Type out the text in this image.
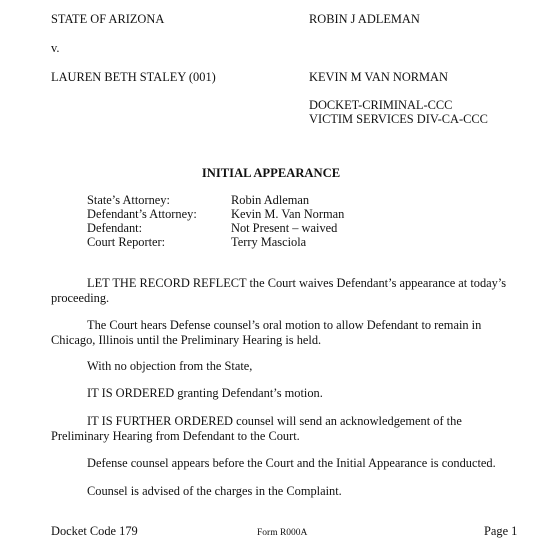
STATE OF ARIZONA
v.
LAUREN BETH STALEY (001)
ROBIN J ADLEMAN
KEVIN M VAN NORMAN
DOCKET-CRIMINAL-CCC
VICTIM SERVICES DIV-CA-CCC
INITIAL APPEARANCE
State’s Attorney:	Robin Adleman
Defendant’s Attorney:	Kevin M. Van Norman
Defendant:	Not Present – waived
Court Reporter:	Terry Masciola
LET THE RECORD REFLECT the Court waives Defendant’s appearance at today’s proceeding.
The Court hears Defense counsel’s oral motion to allow Defendant to remain in Chicago, Illinois until the Preliminary Hearing is held.
With no objection from the State,
IT IS ORDERED granting Defendant’s motion.
IT IS FURTHER ORDERED counsel will send an acknowledgement of the Preliminary Hearing from Defendant to the Court.
Defense counsel appears before the Court and the Initial Appearance is conducted.
Counsel is advised of the charges in the Complaint.
Docket Code 179	Form R000A	Page 1
